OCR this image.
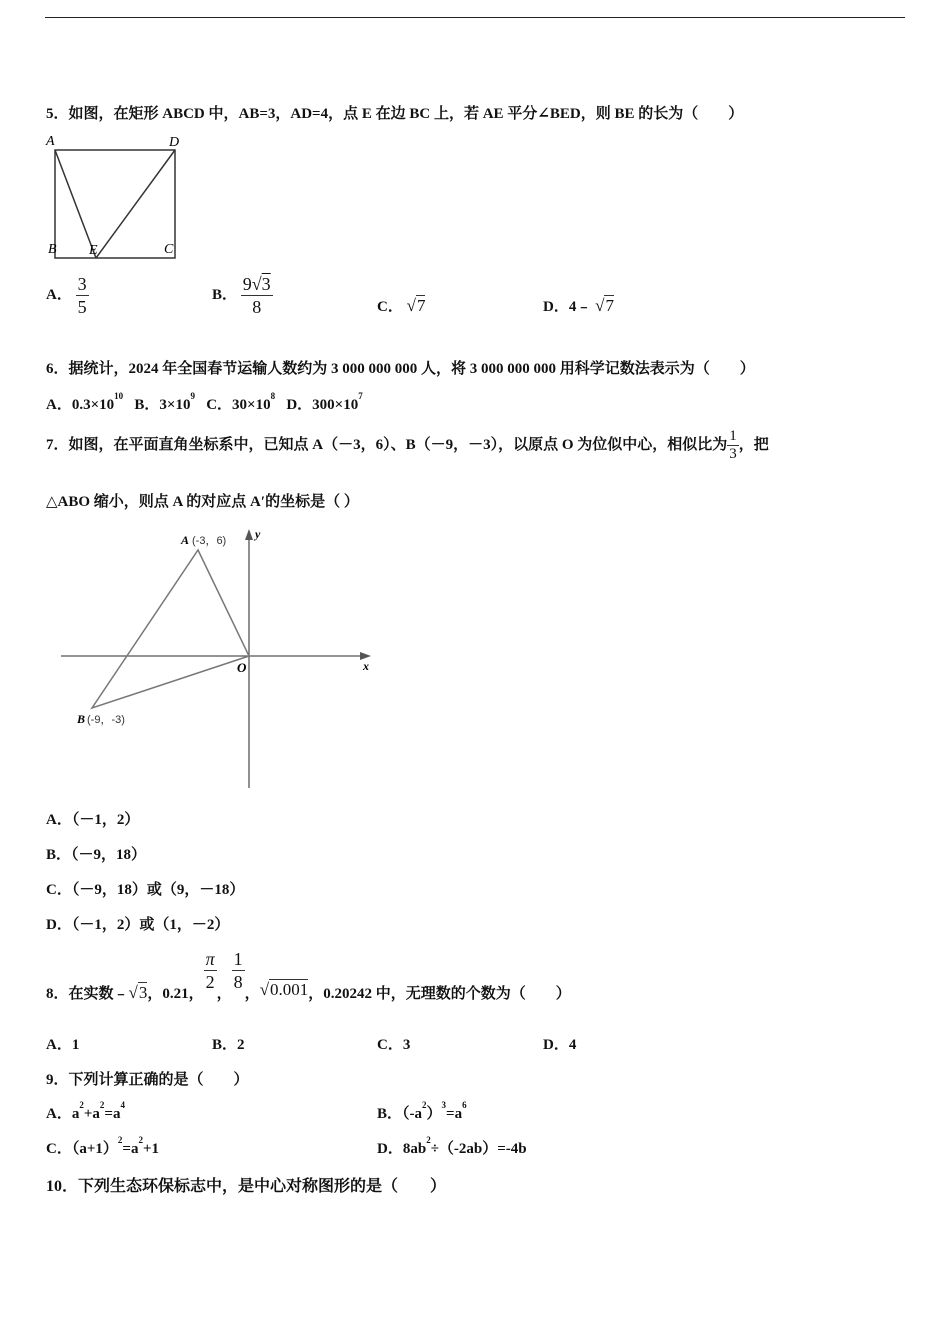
5．如图，在矩形 ABCD 中，AB=3，AD=4，点 E 在边 BC 上，若 AE 平分∠BED，则 BE 的长为（　　）
A	D
B E	C
A． $\frac{3}{5}$	B． $\frac{9√3}{8}$	C． √7	D．4﹣ √7
6．据统计，2024 年全国春节运输人数约为 3 000 000 000 人，将 3 000 000 000 用科学记数法表示为（　　）
A．$0.3\times 10^{10}$   B．$3\times 10^9$   C．$30\times 10^8$   D．$300\times 10^7$
7．如图，在平面直角坐标系中，已知点 A（－3，6）、B（－9，－3），以原点 O 为位似中心，相似比为 $\frac{1}{3}$ ，把
△ABO 缩小，则点 A 的对应点 A′的坐标是（ ）
A (-3，6) y
x
O
B (-9，-3)
A．（－1，2）
B．（－9，18）
C．（－9，18）或（9，－18）
D．（－1，2）或（1，－2）
8．在实数﹣√3，0.21，
$\frac{\pi}{2}$
，
$\frac{1}{8}$
，√0.001，0.20242 中，无理数的个数为（　　）
A．1	B．2	C．3	D．4
9．下列计算正确的是（　　）
A．$a^2+a^2=a^4$
B．$(-a^2)^3=a^6$
C．$(a+1)^2=a^2+1$	D．$8ab^2\div(-2ab)=-4b$
10．下列生态环保标志中，是中心对称图形的是（　　）
